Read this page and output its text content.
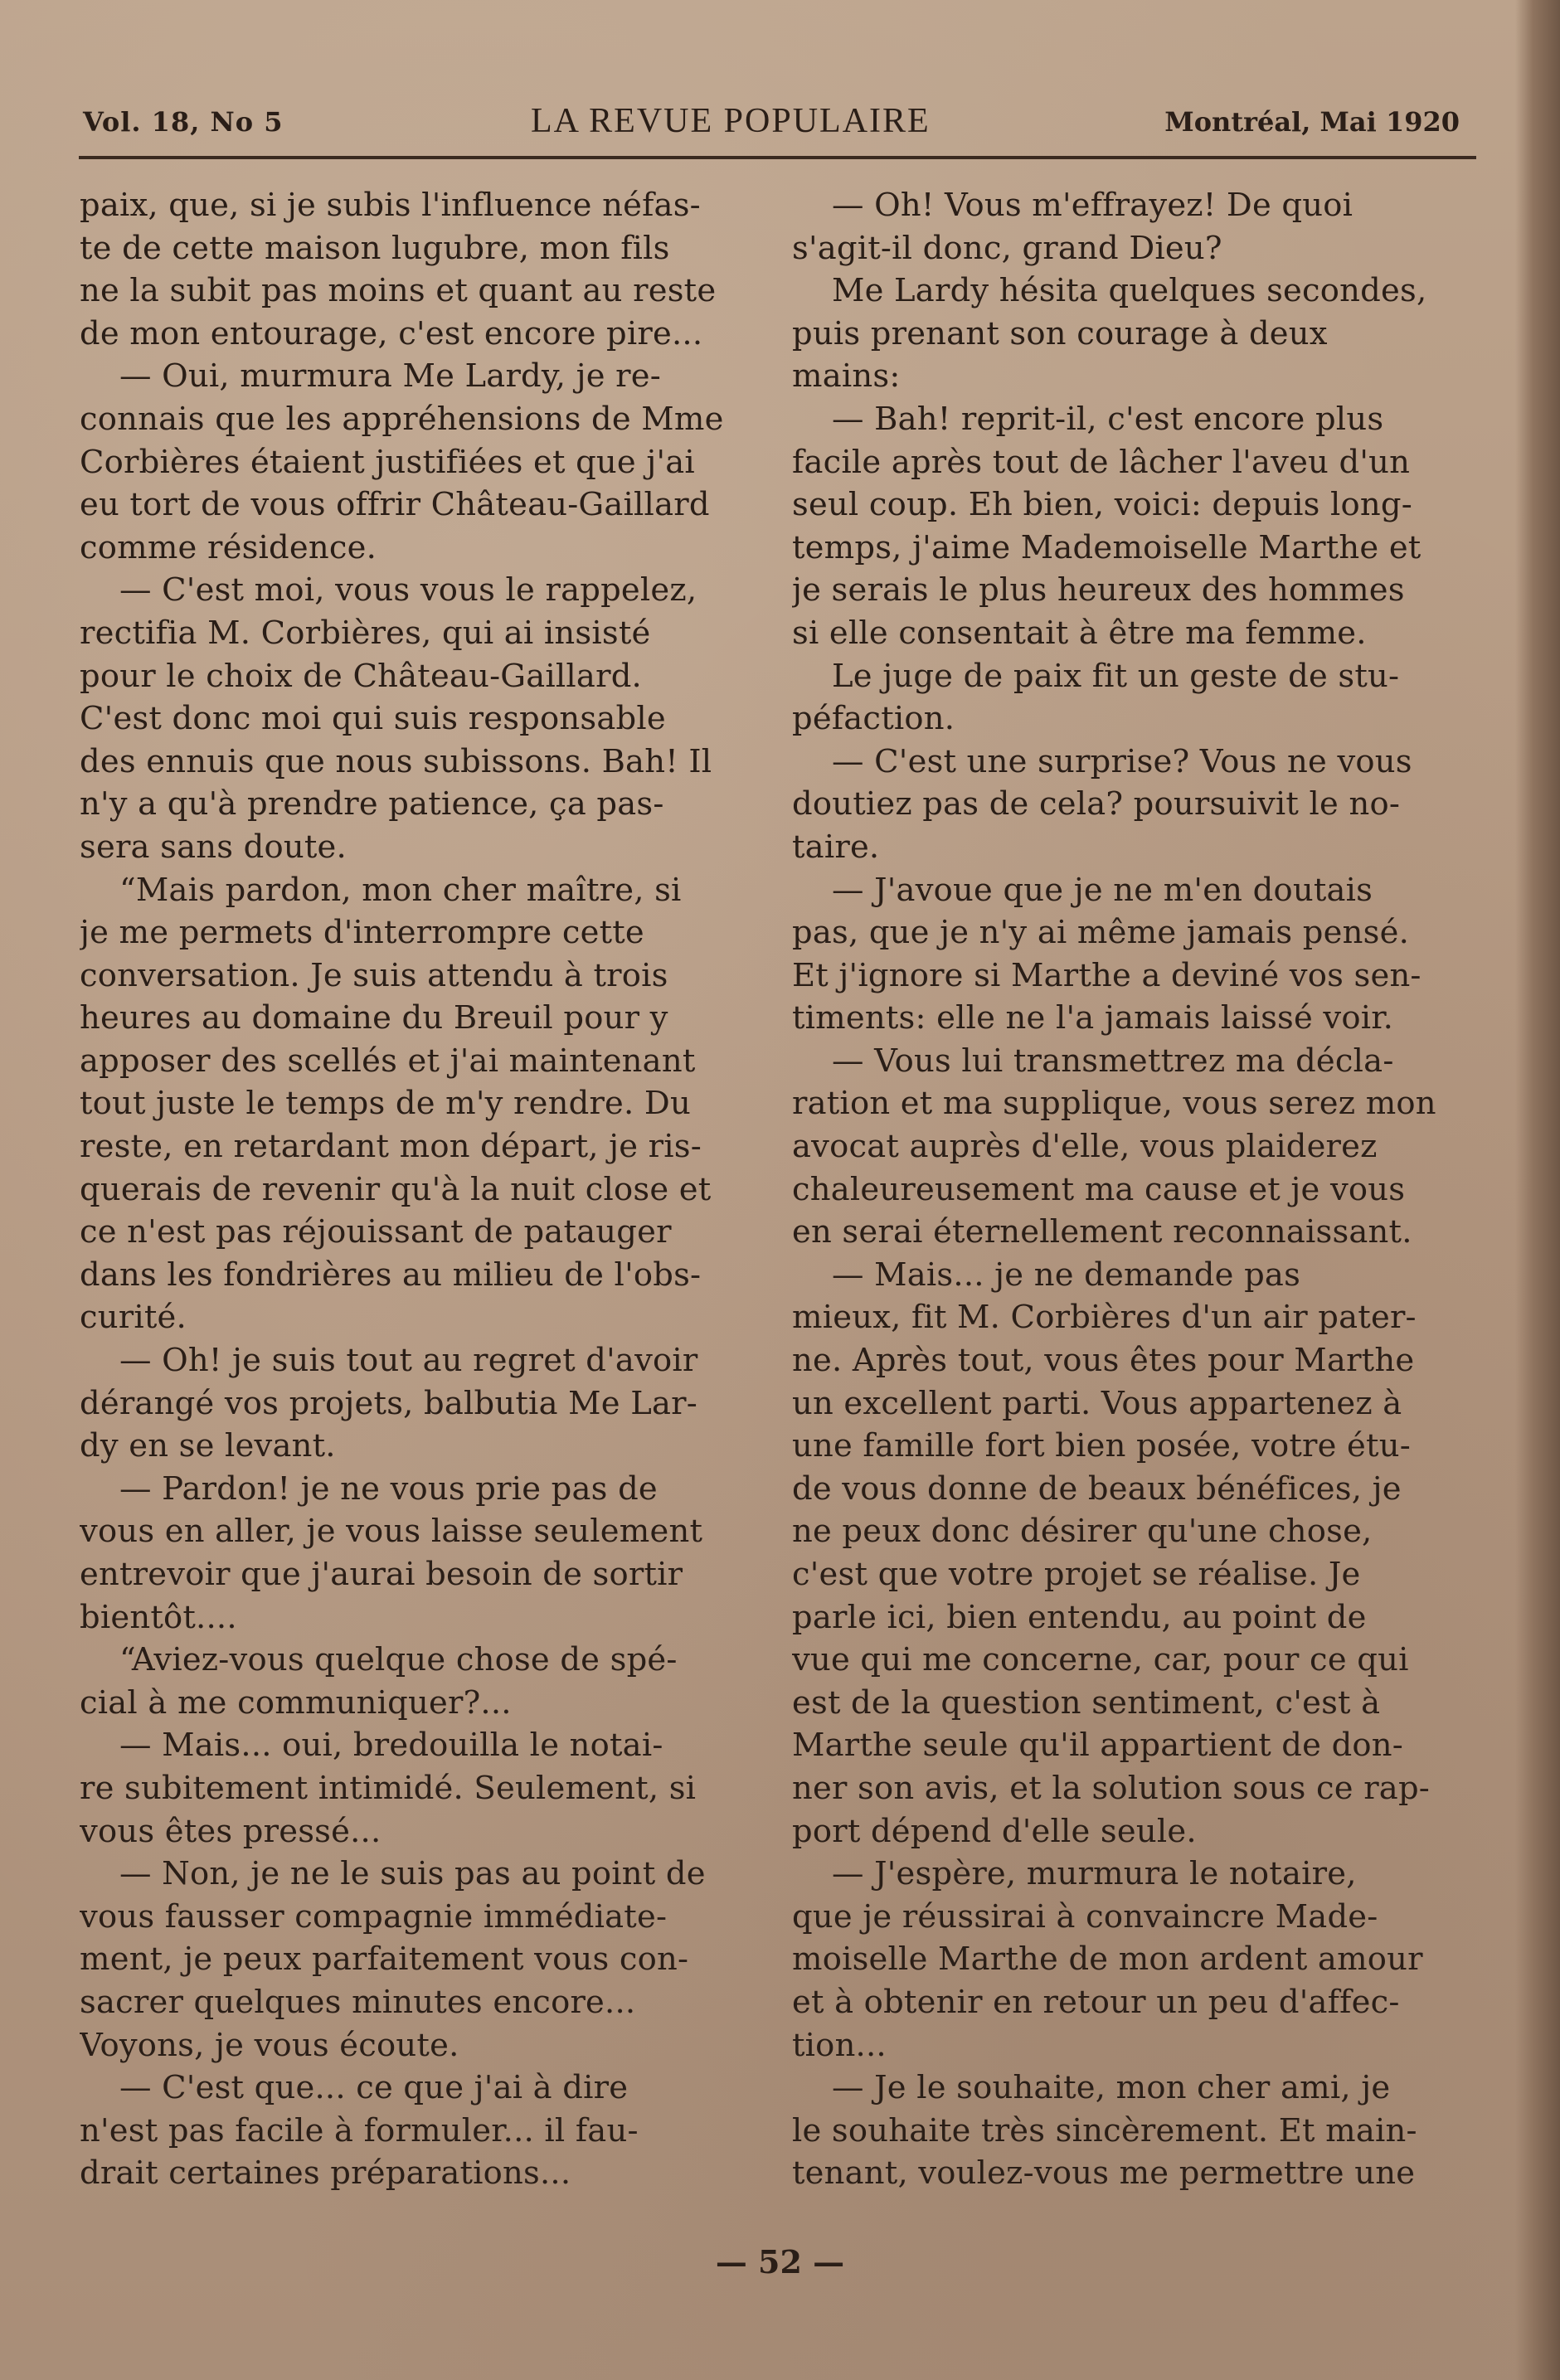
Vol. 18, No 5	LA REVUE POPULAIRE	Montréal, Mai 1920
paix, que, si je subis l'influence néfas-
te de cette maison lugubre, mon fils
ne la subit pas moins et quant au reste
de mon entourage, c'est encore pire...
— Oui, murmura Me Lardy, je re-
connais que les appréhensions de Mme
Corbières étaient justifiées et que j'ai
eu tort de vous offrir Château-Gaillard
comme résidence.
— C'est moi, vous vous le rappelez,
rectifia M. Corbières, qui ai insisté
pour le choix de Château-Gaillard.
C'est donc moi qui suis responsable
des ennuis que nous subissons. Bah! Il
n'y a qu'à prendre patience, ça pas-
sera sans doute.
“Mais pardon, mon cher maître, si
je me permets d'interrompre cette
conversation. Je suis attendu à trois
heures au domaine du Breuil pour y
apposer des scellés et j'ai maintenant
tout juste le temps de m'y rendre. Du
reste, en retardant mon départ, je ris-
querais de revenir qu'à la nuit close et
ce n'est pas réjouissant de patauger
dans les fondrières au milieu de l'obs-
curité.
— Oh! je suis tout au regret d'avoir
dérangé vos projets, balbutia Me Lar-
dy en se levant.
— Pardon! je ne vous prie pas de
vous en aller, je vous laisse seulement
entrevoir que j'aurai besoin de sortir
bientôt....
“Aviez-vous quelque chose de spé-
cial à me communiquer?...
— Mais... oui, bredouilla le notai-
re subitement intimidé. Seulement, si
vous êtes pressé...
— Non, je ne le suis pas au point de
vous fausser compagnie immédiate-
ment, je peux parfaitement vous con-
sacrer quelques minutes encore...
Voyons, je vous écoute.
— C'est que... ce que j'ai à dire
n'est pas facile à formuler... il fau-
drait certaines préparations...
— Oh! Vous m'effrayez! De quoi
s'agit-il donc, grand Dieu?
Me Lardy hésita quelques secondes,
puis prenant son courage à deux
mains:
— Bah! reprit-il, c'est encore plus
facile après tout de lâcher l'aveu d'un
seul coup. Eh bien, voici: depuis long-
temps, j'aime Mademoiselle Marthe et
je serais le plus heureux des hommes
si elle consentait à être ma femme.
Le juge de paix fit un geste de stu-
péfaction.
— C'est une surprise? Vous ne vous
doutiez pas de cela? poursuivit le no-
taire.
— J'avoue que je ne m'en doutais
pas, que je n'y ai même jamais pensé.
Et j'ignore si Marthe a deviné vos sen-
timents: elle ne l'a jamais laissé voir.
— Vous lui transmettrez ma décla-
ration et ma supplique, vous serez mon
avocat auprès d'elle, vous plaiderez
chaleureusement ma cause et je vous
en serai éternellement reconnaissant.
— Mais... je ne demande pas
mieux, fit M. Corbières d'un air pater-
ne. Après tout, vous êtes pour Marthe
un excellent parti. Vous appartenez à
une famille fort bien posée, votre étu-
de vous donne de beaux bénéfices, je
ne peux donc désirer qu'une chose,
c'est que votre projet se réalise. Je
parle ici, bien entendu, au point de
vue qui me concerne, car, pour ce qui
est de la question sentiment, c'est à
Marthe seule qu'il appartient de don-
ner son avis, et la solution sous ce rap-
port dépend d'elle seule.
— J'espère, murmura le notaire,
que je réussirai à convaincre Made-
moiselle Marthe de mon ardent amour
et à obtenir en retour un peu d'affec-
tion...
— Je le souhaite, mon cher ami, je
le souhaite très sincèrement. Et main-
tenant, voulez-vous me permettre une
— 52 —
